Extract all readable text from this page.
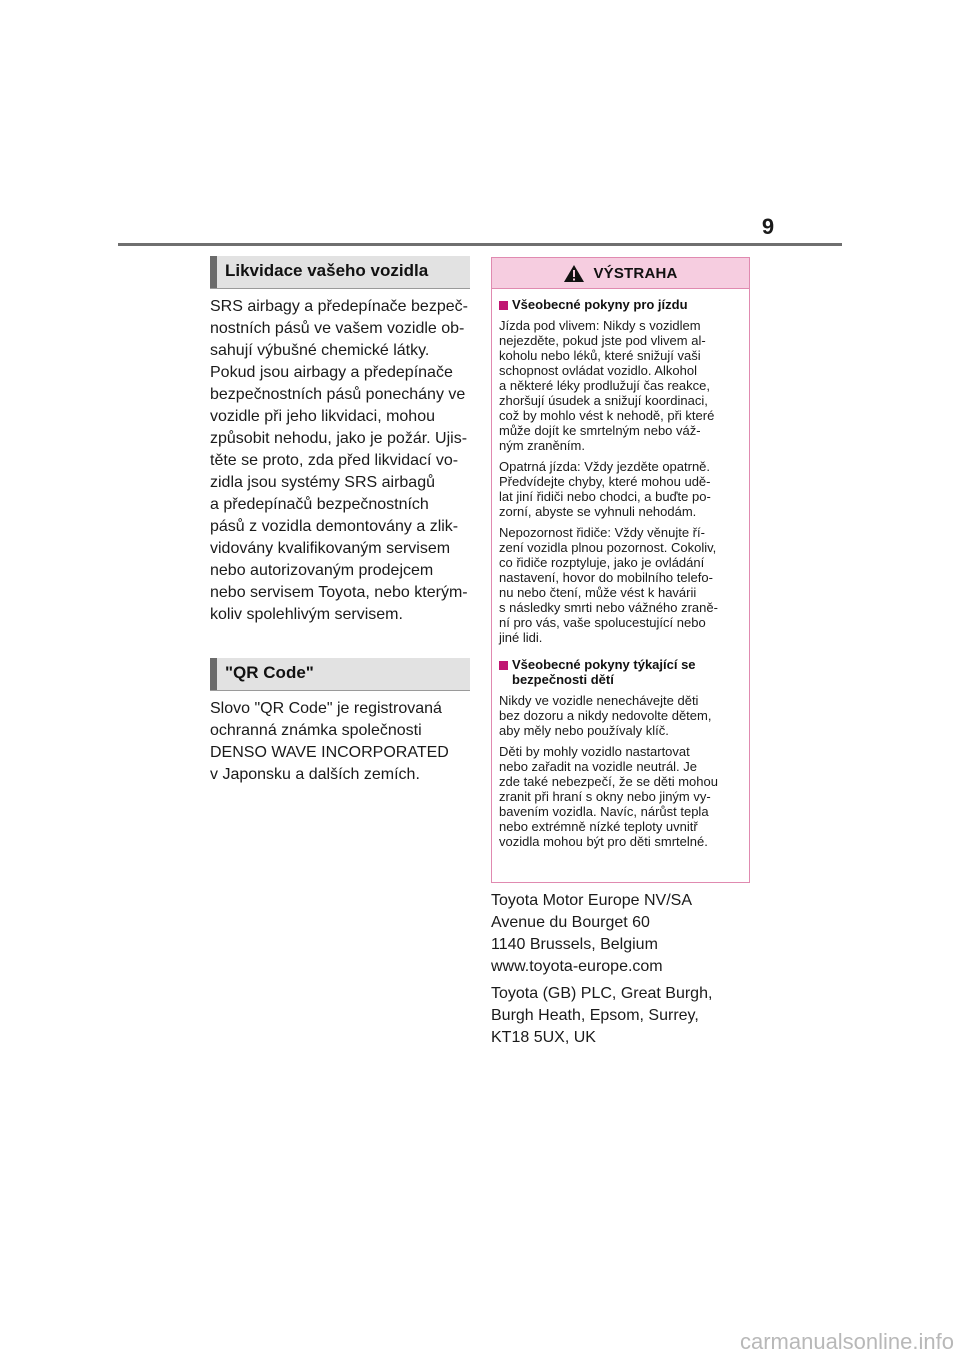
9
Likvidace vašeho vozidla

SRS airbagy a předepínače bezpeč-
nostních pásů ve vašem vozidle ob-
sahují výbušné chemické látky.
Pokud jsou airbagy a předepínače
bezpečnostních pásů ponechány ve
vozidle při jeho likvidaci, mohou
způsobit nehodu, jako je požár. Ujis-
těte se proto, zda před likvidací vo-
zidla jsou systémy SRS airbagů
a předepínačů bezpečnostních
pásů z vozidla demontovány a zlik-
vidovány kvalifikovaným servisem
nebo autorizovaným prodejcem
nebo servisem Toyota, nebo kterým-
koliv spolehlivým servisem.

"QR Code"

Slovo "QR Code" je registrovaná
ochranná známka společnosti
DENSO WAVE INCORPORATED
v Japonsku a dalších zemích.

VÝSTRAHA
Všeobecné pokyny pro jízdu

Jízda pod vlivem: Nikdy s vozidlem
nejezděte, pokud jste pod vlivem al-
koholu nebo léků, které snižují vaši
schopnost ovládat vozidlo. Alkohol
a některé léky prodlužují čas reakce,
zhoršují úsudek a snižují koordinaci,
což by mohlo vést k nehodě, při které
může dojít ke smrtelným nebo váž-
ným zraněním.

Opatrná jízda: Vždy jezděte opatrně.
Předvídejte chyby, které mohou udě-
lat jiní řidiči nebo chodci, a buďte po-
zorní, abyste se vyhnuli nehodám.

Nepozornost řidiče: Vždy věnujte ří-
zení vozidla plnou pozornost. Cokoliv,
co řidiče rozptyluje, jako je ovládání
nastavení, hovor do mobilního telefo-
nu nebo čtení, může vést k havárii
s následky smrti nebo vážného zraně-
ní pro vás, vaše spolucestující nebo
jiné lidi.

Všeobecné pokyny týkající se
bezpečnosti dětí

Nikdy ve vozidle nenechávejte děti
bez dozoru a nikdy nedovolte dětem,
aby měly nebo používaly klíč.

Děti by mohly vozidlo nastartovat
nebo zařadit na vozidle neutrál. Je
zde také nebezpečí, že se děti mohou
zranit při hraní s okny nebo jiným vy-
bavením vozidla. Navíc, nárůst tepla
nebo extrémně nízké teploty uvnitř
vozidla mohou být pro děti smrtelné.

Toyota Motor Europe NV/SA
Avenue du Bourget 60
1140 Brussels, Belgium
www.toyota-europe.com

Toyota (GB) PLC, Great Burgh,
Burgh Heath, Epsom, Surrey,
KT18 5UX, UK

carmanualsonline.info
